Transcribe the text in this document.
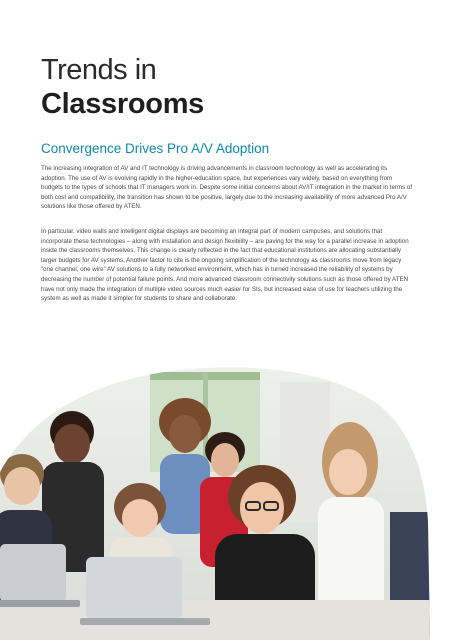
Trends in
Classrooms
Convergence Drives Pro A/V Adoption

The increasing integration of AV and IT technology is driving advancements in classroom technology as well as accelerating its adoption. The use of AV is evolving rapidly in the higher-education space, but experiences vary widely, based on everything from budgets to the types of schools that IT managers work in. Despite some initial concerns about AV/IT integration in the market in terms of both cost and compatibility, the transition has shown to be positive, largely due to the increasing availability of more advanced Pro A/V solutions like those offered by ATEN.

In particular, video walls and intelligent digital displays are becoming an integral part of modern campuses, and solutions that incorporate these technologies – along with installation and design flexibility – are paving for the way for a parallel increase in adoption inside the classrooms themselves. This change is clearly reflected in the fact that educational institutions are allocating substantially larger budgets for AV systems. Another factor to cite is the ongoing simplification of the technology as classrooms move from legacy “one channel, one wire” AV solutions to a fully networked environment, which has in turned increased the reliability of systems by decreasing the number of potential failure points. And more advanced classroom connectivity solutions such as those offered by ATEN have not only made the integration of multiple video sources much easier for SIs, but increased ease of use for teachers utilizing the system as well as made it simpler for students to share and collaborate.
